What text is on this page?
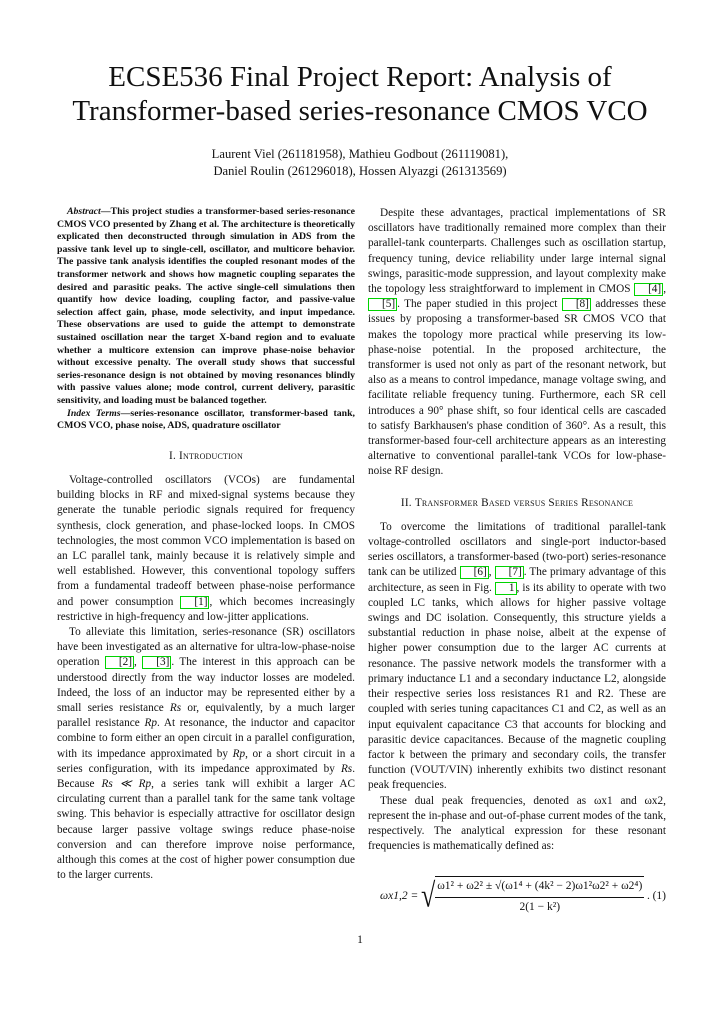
ECSE536 Final Project Report: Analysis of Transformer-based series-resonance CMOS VCO
Laurent Viel (261181958), Mathieu Godbout (261119081),
Daniel Roulin (261296018), Hossen Alyazgi (261313569)

Abstract—This project studies a transformer-based series-resonance CMOS VCO presented by Zhang et al. The architecture is theoretically explicated then deconstructed through simulation in ADS from the passive tank level up to single-cell, oscillator, and multicore behavior. The passive tank analysis identifies the coupled resonant modes of the transformer network and shows how magnetic coupling separates the desired and parasitic peaks. The active single-cell simulations then quantify how device loading, coupling factor, and passive-value selection affect gain, phase, mode selectivity, and input impedance. These observations are used to guide the attempt to demonstrate sustained oscillation near the target X-band region and to evaluate whether a multicore extension can improve phase-noise behavior without excessive penalty. The overall study shows that successful series-resonance design is not obtained by moving resonances blindly with passive values alone; mode control, current delivery, parasitic sensitivity, and loading must be balanced together.

Index Terms—series-resonance oscillator, transformer-based tank, CMOS VCO, phase noise, ADS, quadrature oscillator

I. Introduction

Voltage-controlled oscillators (VCOs) are fundamental building blocks in RF and mixed-signal systems because they generate the tunable periodic signals required for frequency synthesis, clock generation, and phase-locked loops. In CMOS technologies, the most common VCO implementation is based on an LC parallel tank, mainly because it is relatively simple and well established. However, this conventional topology suffers from a fundamental tradeoff between phase-noise performance and power consumption [1] , which becomes increasingly restrictive in high-frequency and low-jitter applications.

To alleviate this limitation, series-resonance (SR) oscillators have been investigated as an alternative for ultra-low-phase-noise operation [2] , [3] . The interest in this approach can be understood directly from the way inductor losses are modeled. Indeed, the loss of an inductor may be represented either by a small series resistance Rs or, equivalently, by a much larger parallel resistance Rp. At resonance, the inductor and capacitor combine to form either an open circuit in a parallel configuration, with its impedance approximated by Rp, or a short circuit in a series configuration, with its impedance approximated by Rs. Because Rs ≪ Rp, a series tank will exhibit a larger AC circulating current than a parallel tank for the same tank voltage swing. This behavior is especially attractive for oscillator design because larger passive voltage swings reduce phase-noise conversion and can therefore improve noise performance, although this comes at the cost of higher power consumption due to the larger currents.

Despite these advantages, practical implementations of SR oscillators have traditionally remained more complex than their parallel-tank counterparts. Challenges such as oscillation startup, frequency tuning, device reliability under large internal signal swings, parasitic-mode suppression, and layout complexity make the topology less straightforward to implement in CMOS [4] , [5] . The paper studied in this project [8] addresses these issues by proposing a transformer-based SR CMOS VCO that makes the topology more practical while preserving its low-phase-noise potential. In the proposed architecture, the transformer is used not only as part of the resonant network, but also as a means to control impedance, manage voltage swing, and facilitate reliable frequency tuning. Furthermore, each SR cell introduces a 90° phase shift, so four identical cells are cascaded to satisfy Barkhausen's phase condition of 360°. As a result, this transformer-based four-cell architecture appears as an interesting alternative to conventional parallel-tank VCOs for low-phase-noise RF design.

II. Transformer Based versus Series Resonance

To overcome the limitations of traditional parallel-tank voltage-controlled oscillators and single-port inductor-based series oscillators, a transformer-based (two-port) series-resonance tank can be utilized [6] , [7] . The primary advantage of this architecture, as seen in Fig. 1 , is its ability to operate with two coupled LC tanks, which allows for higher passive voltage swings and DC isolation. Consequently, this structure yields a substantial reduction in phase noise, albeit at the expense of higher power consumption due to the larger AC currents at resonance. The passive network models the transformer with a primary inductance L1 and a secondary inductance L2, alongside their respective series loss resistances R1 and R2. These are coupled with series tuning capacitances C1 and C2, as well as an input equivalent capacitance C3 that accounts for blocking and parasitic device capacitances. Because of the magnetic coupling factor k between the primary and secondary coils, the transfer function (VOUT/VIN) inherently exhibits two distinct resonant peak frequencies.

These dual peak frequencies, denoted as ωx1 and ωx2, represent the in-phase and out-of-phase current modes of the tank, respectively. The analytical expression for these resonant frequencies is mathematically defined as:

ωx1,2 = √ $\frac{\text{ω1² + ω2² ± √(ω1⁴ + (4k² − 2)ω1²ω2² + ω2⁴)}}{\text{2(1 − k²)}}$ . (1)
1
